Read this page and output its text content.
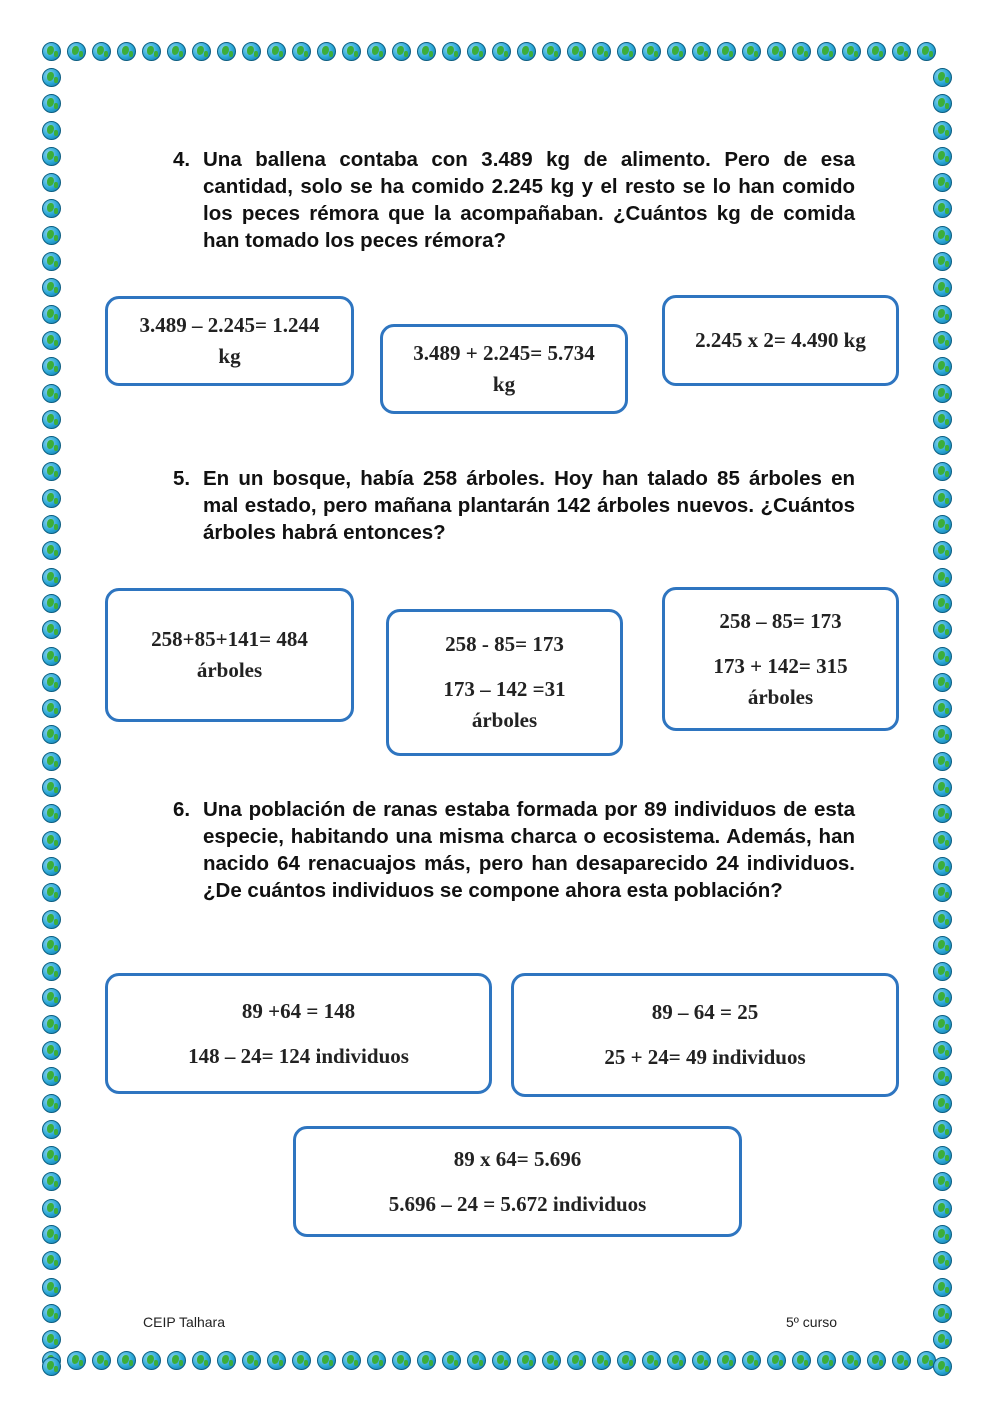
4. Una ballena contaba con 3.489 kg de alimento. Pero de esa cantidad, solo se ha comido 2.245 kg y el resto se lo han comido los peces rémora que la acompañaban. ¿Cuántos kg de comida han tomado los peces rémora?
3.489 – 2.245= 1.244
kg	3.489 + 2.245= 5.734
kg
2.245 x 2= 4.490 kg
5. En un bosque, había 258 árboles. Hoy han talado 85 árboles en mal estado, pero mañana plantarán 142 árboles nuevos. ¿Cuántos árboles habrá entonces?
258+85+141= 484
árboles
258 - 85= 173
173 – 142 =31
árboles
258 – 85= 173
173 + 142= 315
árboles
6. Una población de ranas estaba formada por 89 individuos de esta especie, habitando una misma charca o ecosistema. Además, han nacido 64 renacuajos más, pero han desaparecido 24 individuos. ¿De cuántos individuos se compone ahora esta población?
89 +64 = 148
148 – 24= 124 individuos
89 – 64 = 25
25 + 24= 49 individuos
89 x 64= 5.696
5.696 – 24 = 5.672 individuos
CEIP Talhara	5º curso
